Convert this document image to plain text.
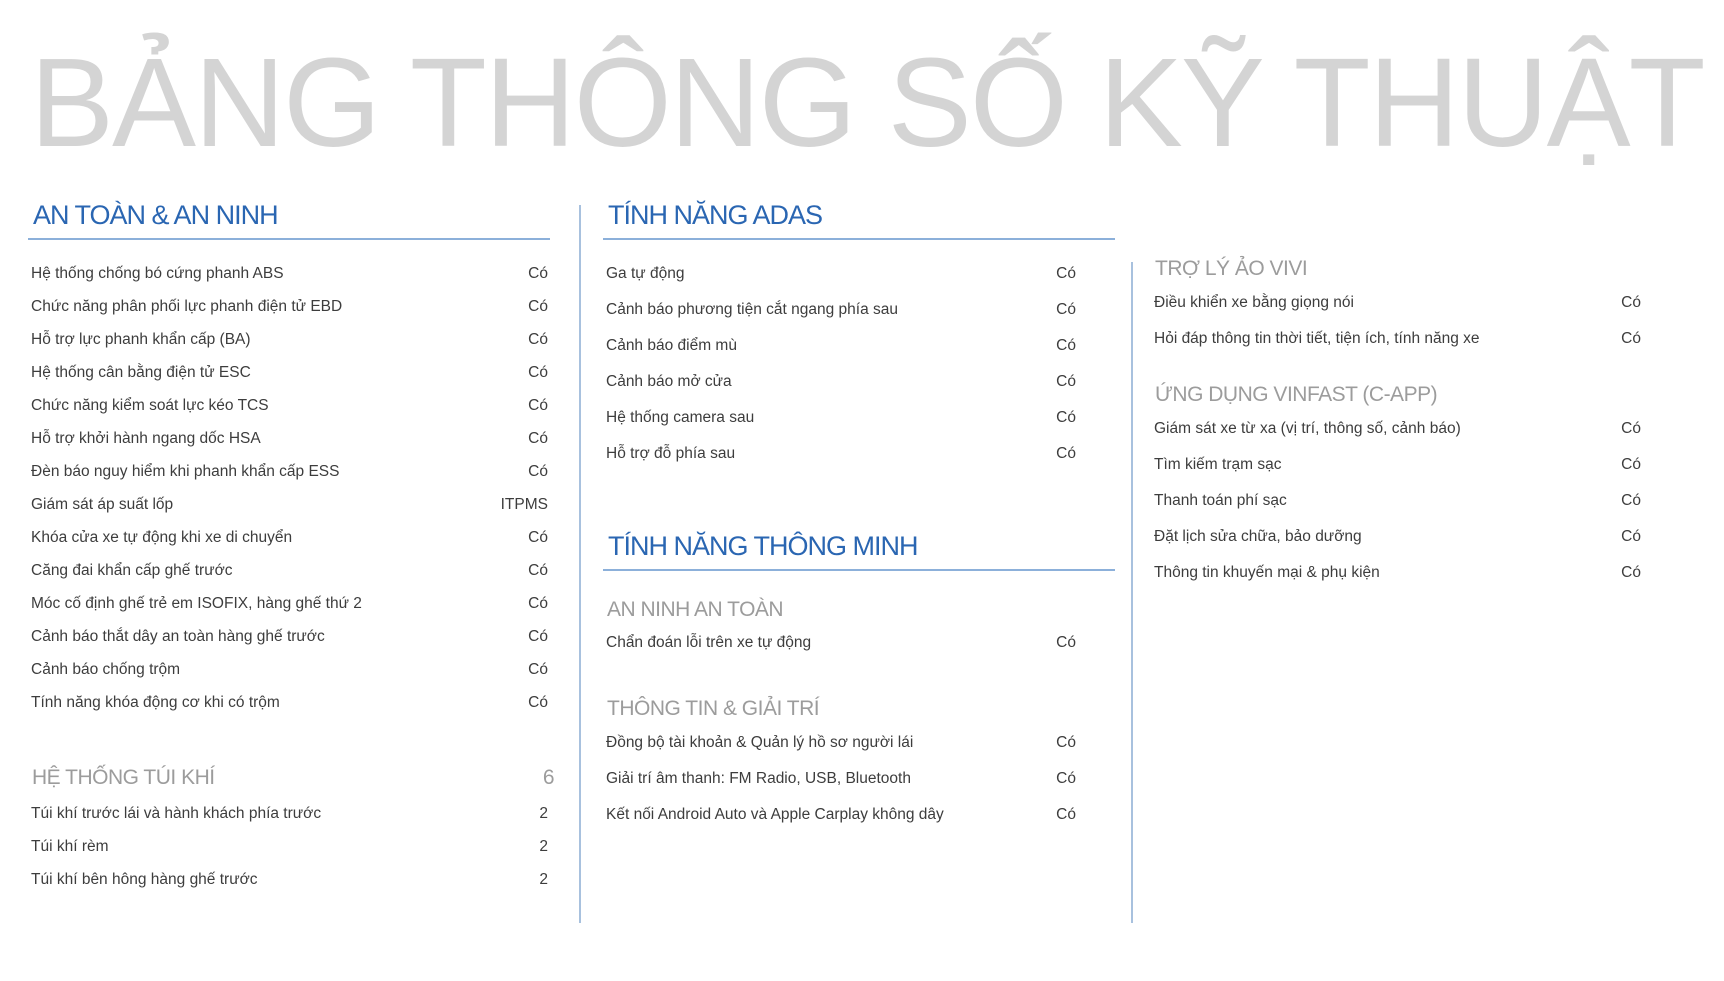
BẢNG THÔNG SỐ KỸ THUẬT
AN TOÀN & AN NINH
Hệ thống chống bó cứng phanh ABS	Có
Chức năng phân phối lực phanh điện tử EBD	Có
Hỗ trợ lực phanh khẩn cấp (BA)	Có
Hệ thống cân bằng điện tử ESC	Có
Chức năng kiểm soát lực kéo TCS	Có
Hỗ trợ khởi hành ngang dốc HSA	Có
Đèn báo nguy hiểm khi phanh khẩn cấp ESS	Có
Giám sát áp suất lốp	ITPMS
Khóa cửa xe tự động khi xe di chuyển	Có
Căng đai khẩn cấp ghế trước	Có
Móc cố định ghế trẻ em ISOFIX, hàng ghế thứ 2	Có
Cảnh báo thắt dây an toàn hàng ghế trước	Có
Cảnh báo chống trộm	Có
Tính năng khóa động cơ khi có trộm	Có
HỆ THỐNG TÚI KHÍ	6
Túi khí trước lái và hành khách phía trước	2
Túi khí rèm	2
Túi khí bên hông hàng ghế trước	2
TÍNH NĂNG ADAS
Ga tự động	Có
Cảnh báo phương tiện cắt ngang phía sau	Có
Cảnh báo điểm mù	Có
Cảnh báo mở cửa	Có
Hệ thống camera sau	Có
Hỗ trợ đỗ phía sau	Có
TÍNH NĂNG THÔNG MINH
AN NINH AN TOÀN
Chẩn đoán lỗi trên xe tự động	Có
THÔNG TIN & GIẢI TRÍ
Đồng bộ tài khoản & Quản lý hồ sơ người lái	Có
Giải trí âm thanh: FM Radio, USB, Bluetooth	Có
Kết nối Android Auto và Apple Carplay không dây	Có
TRỢ LÝ ẢO VIVI
Điều khiển xe bằng giọng nói	Có
Hỏi đáp thông tin thời tiết, tiện ích, tính năng xe	Có
ỨNG DỤNG VINFAST (C-APP)
Giám sát xe từ xa (vị trí, thông số, cảnh báo)	Có
Tìm kiếm trạm sạc	Có
Thanh toán phí sạc	Có
Đặt lịch sửa chữa, bảo dưỡng	Có
Thông tin khuyến mại & phụ kiện	Có
